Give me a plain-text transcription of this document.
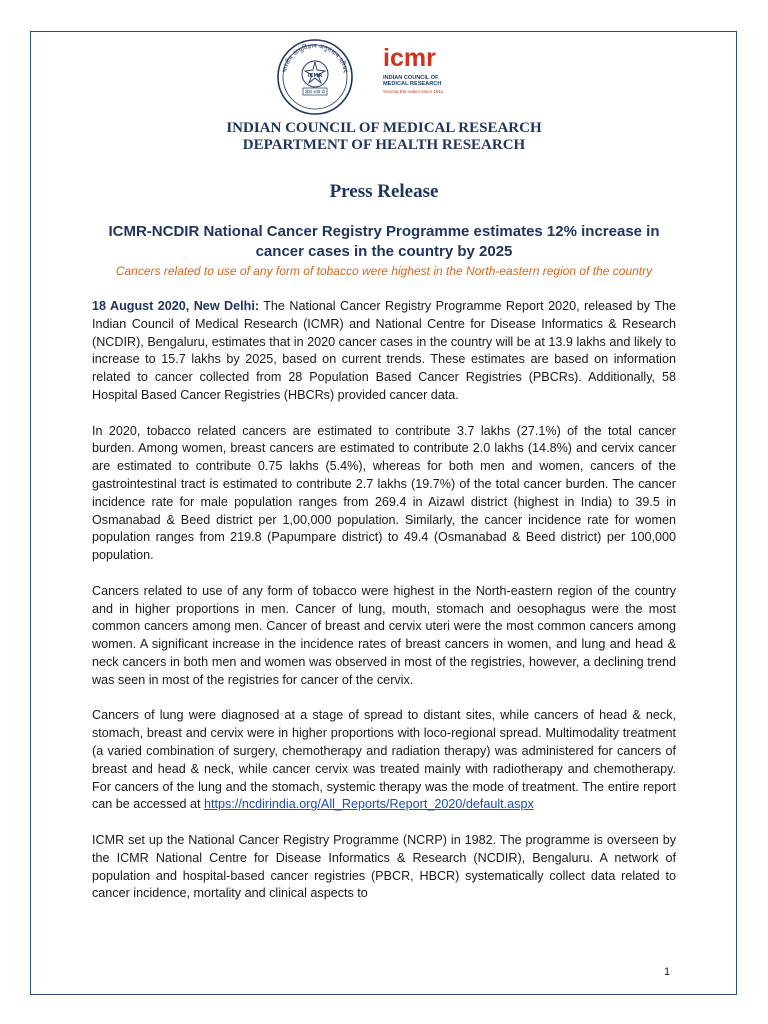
भारतीय आयुर्विज्ञान अनुसंधान परिषद
ICMR
सेवा भाव से
icmr
INDIAN COUNCIL OF
MEDICAL RESEARCH
Serving the nation since 1911
INDIAN COUNCIL OF MEDICAL RESEARCH
DEPARTMENT OF HEALTH RESEARCH
Press Release
ICMR-NCDIR National Cancer Registry Programme estimates 12% increase in cancer cases in the country by 2025
Cancers related to use of any form of tobacco were highest in the North-eastern region of the country

18 August 2020, New Delhi: The National Cancer Registry Programme Report 2020, released by The Indian Council of Medical Research (ICMR) and National Centre for Disease Informatics & Research (NCDIR), Bengaluru, estimates that in 2020 cancer cases in the country will be at 13.9 lakhs and likely to increase to 15.7 lakhs by 2025, based on current trends. These estimates are based on information related to cancer collected from 28 Population Based Cancer Registries (PBCRs). Additionally, 58 Hospital Based Cancer Registries (HBCRs) provided cancer data.

In 2020, tobacco related cancers are estimated to contribute 3.7 lakhs (27.1%) of the total cancer burden. Among women, breast cancers are estimated to contribute 2.0 lakhs (14.8%) and cervix cancer are estimated to contribute 0.75 lakhs (5.4%), whereas for both men and women, cancers of the gastrointestinal tract is estimated to contribute 2.7 lakhs (19.7%) of the total cancer burden. The cancer incidence rate for male population ranges from 269.4 in Aizawl district (highest in India) to 39.5 in Osmanabad & Beed district per 1,00,000 population. Similarly, the cancer incidence rate for women population ranges from 219.8 (Papumpare district) to 49.4 (Osmanabad & Beed district) per 100,000 population.

Cancers related to use of any form of tobacco were highest in the North-eastern region of the country and in higher proportions in men. Cancer of lung, mouth, stomach and oesophagus were the most common cancers among men. Cancer of breast and cervix uteri were the most common cancers among women. A significant increase in the incidence rates of breast cancers in women, and lung and head & neck cancers in both men and women was observed in most of the registries, however, a declining trend was seen in most of the registries for cancer of the cervix.

Cancers of lung were diagnosed at a stage of spread to distant sites, while cancers of head & neck, stomach, breast and cervix were in higher proportions with loco-regional spread. Multimodality treatment (a varied combination of surgery, chemotherapy and radiation therapy) was administered for cancers of breast and head & neck, while cancer cervix was treated mainly with radiotherapy and chemotherapy. For cancers of the lung and the stomach, systemic therapy was the mode of treatment. The entire report can be accessed at https://ncdirindia.org/All_Reports/Report_2020/default.aspx

ICMR set up the National Cancer Registry Programme (NCRP) in 1982. The programme is overseen by the ICMR National Centre for Disease Informatics & Research (NCDIR), Bengaluru. A network of population and hospital-based cancer registries (PBCR, HBCR) systematically collect data related to cancer incidence, mortality and clinical aspects to

1
